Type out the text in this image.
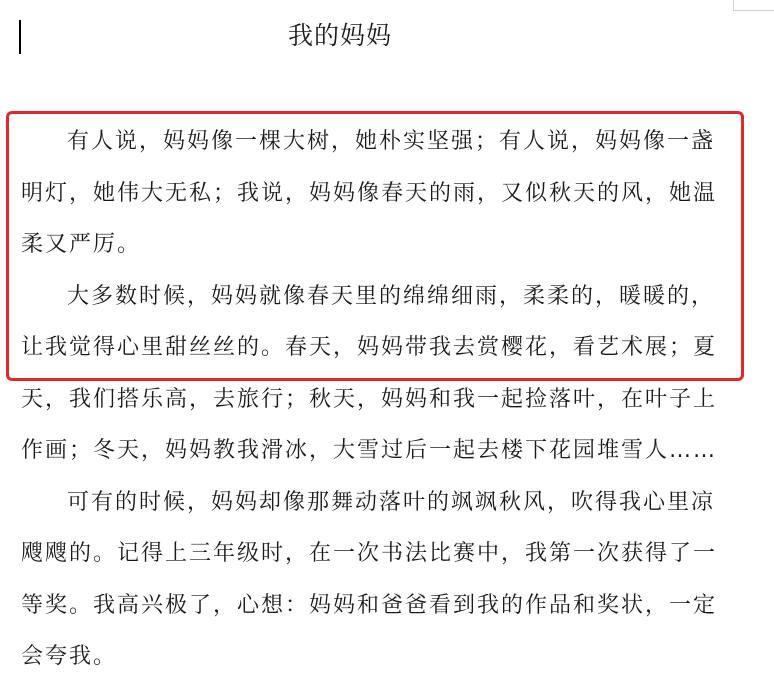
我的妈妈

有人说，妈妈像一棵大树，她朴实坚强；有人说，妈妈像一盏明灯，她伟大无私；我说，妈妈像春天的雨，又似秋天的风，她温柔又严厉。

大多数时候，妈妈就像春天里的绵绵细雨，柔柔的，暖暖的，让我觉得心里甜丝丝的。春天，妈妈带我去赏樱花，看艺术展；夏天，我们搭乐高，去旅行；秋天，妈妈和我一起捡落叶，在叶子上作画；冬天，妈妈教我滑冰，大雪过后一起去楼下花园堆雪人……

可有的时候，妈妈却像那舞动落叶的飒飒秋风，吹得我心里凉飕飕的。记得上三年级时，在一次书法比赛中，我第一次获得了一等奖。我高兴极了，心想：妈妈和爸爸看到我的作品和奖状，一定会夸我。
